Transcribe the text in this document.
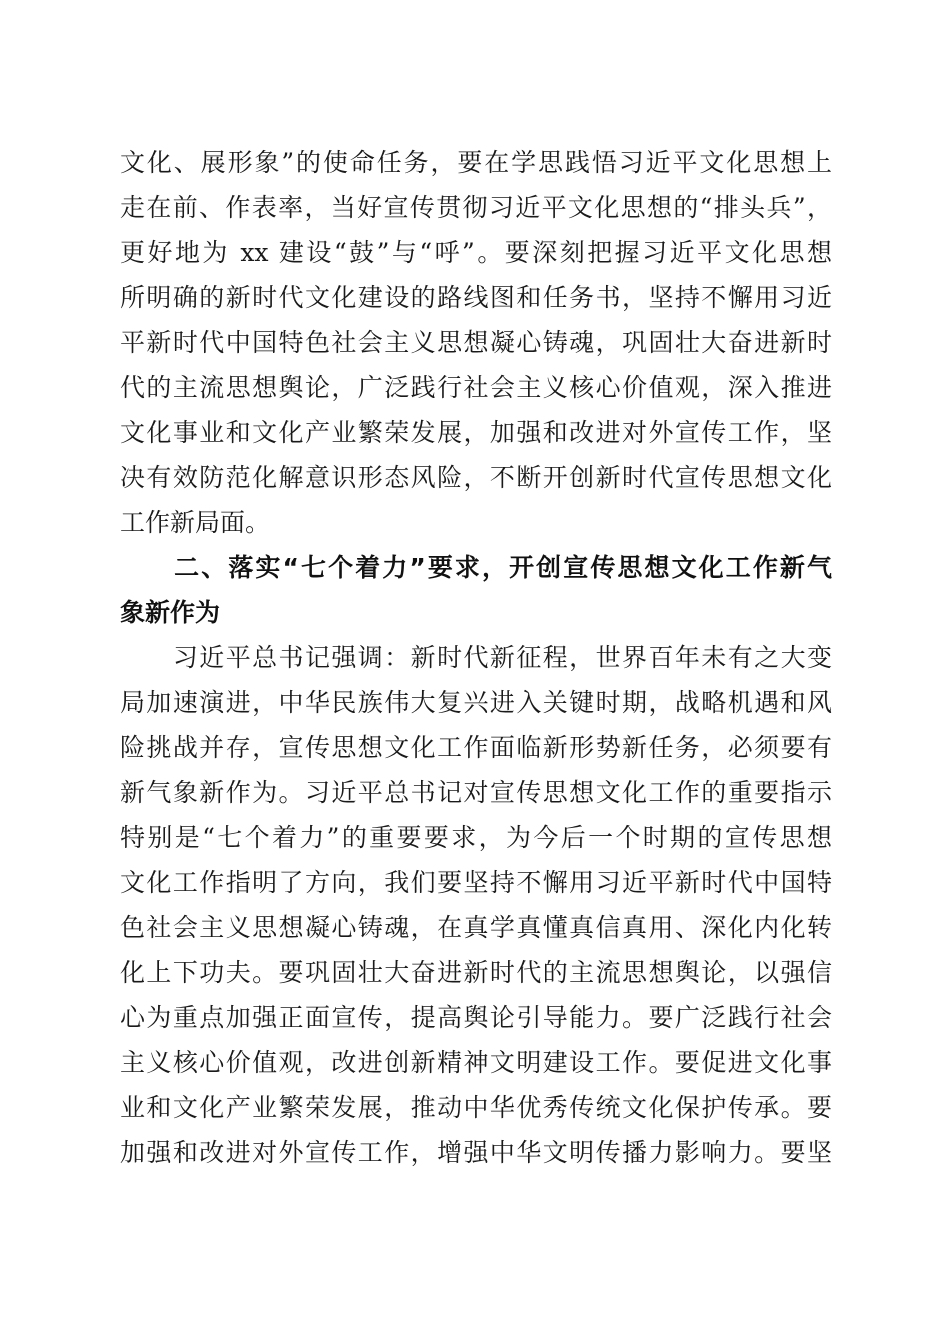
文化、展形象”的使命任务，要在学思践悟习近平文化思想上
走在前、作表率，当好宣传贯彻习近平文化思想的“排头兵”，
更好地为 xx 建设“鼓”与“呼”。要深刻把握习近平文化思想
所明确的新时代文化建设的路线图和任务书，坚持不懈用习近
平新时代中国特色社会主义思想凝心铸魂，巩固壮大奋进新时
代的主流思想舆论，广泛践行社会主义核心价值观，深入推进
文化事业和文化产业繁荣发展，加强和改进对外宣传工作，坚
决有效防范化解意识形态风险，不断开创新时代宣传思想文化
工作新局面。
　　二、落实“七个着力”要求，开创宣传思想文化工作新气
象新作为
　　习近平总书记强调：新时代新征程，世界百年未有之大变
局加速演进，中华民族伟大复兴进入关键时期，战略机遇和风
险挑战并存，宣传思想文化工作面临新形势新任务，必须要有
新气象新作为。习近平总书记对宣传思想文化工作的重要指示
特别是“七个着力”的重要要求，为今后一个时期的宣传思想
文化工作指明了方向，我们要坚持不懈用习近平新时代中国特
色社会主义思想凝心铸魂，在真学真懂真信真用、深化内化转
化上下功夫。要巩固壮大奋进新时代的主流思想舆论，以强信
心为重点加强正面宣传，提高舆论引导能力。要广泛践行社会
主义核心价值观，改进创新精神文明建设工作。要促进文化事
业和文化产业繁荣发展，推动中华优秀传统文化保护传承。要
加强和改进对外宣传工作，增强中华文明传播力影响力。要坚
